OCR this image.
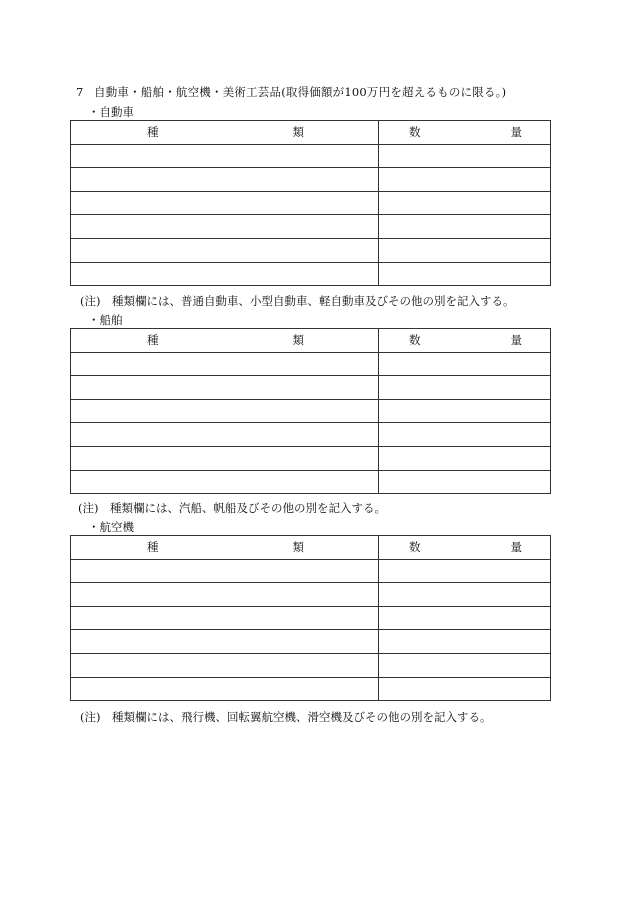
7 自動車・船舶・航空機・美術工芸品(取得価額が100万円を超えるものに限る。)
・自動車
種 類	数 量

(注)　 種類欄には、普通自動車、小型自動車、軽自動車及びその他の別を記入する。
・船舶
種 類	数 量

(注)　 種類欄には、汽船、帆船及びその他の別を記入する。
・航空機
種 類	数 量

(注)　 種類欄には、飛行機、回転翼航空機、滑空機及びその他の別を記入する。
